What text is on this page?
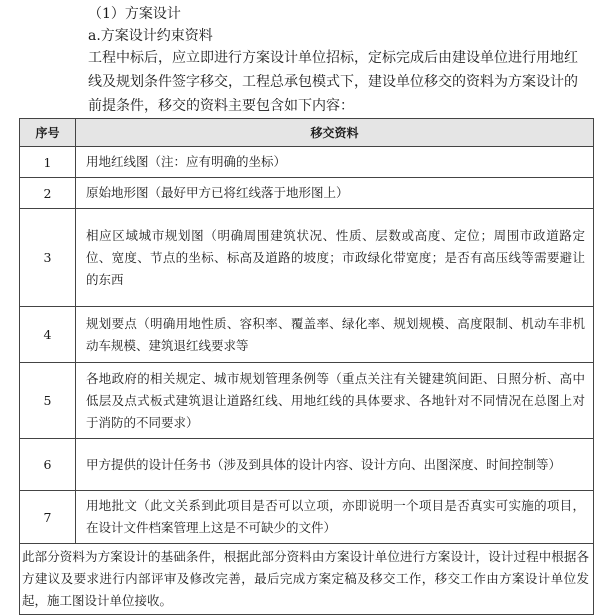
（1）方案设计
a.方案设计约束资料
工程中标后，应立即进行方案设计单位招标，定标完成后由建设单位进行用地红线及规划条件签字移交，工程总承包模式下，建设单位移交的资料为方案设计的前提条件，移交的资料主要包含如下内容：
序号	移交资料
1	用地红线图（注：应有明确的坐标）
2	原始地形图（最好甲方已将红线落于地形图上）
3	相应区域城市规划图（明确周围建筑状况、性质、层数或高度、定位；周围市政道路定位、宽度、节点的坐标、标高及道路的坡度；市政绿化带宽度；是否有高压线等需要避让的东西
4	规划要点（明确用地性质、容积率、覆盖率、绿化率、规划规模、高度限制、机动车非机动车规模、建筑退红线要求等
5	各地政府的相关规定、城市规划管理条例等（重点关注有关键建筑间距、日照分析、高中低层及点式板式建筑退让道路红线、用地红线的具体要求、各地针对不同情况在总图上对于消防的不同要求）
6	甲方提供的设计任务书（涉及到具体的设计内容、设计方向、出图深度、时间控制等）
7	用地批文（此文关系到此项目是否可以立项，亦即说明一个项目是否真实可实施的项目，在设计文件档案管理上这是不可缺少的文件）
此部分资料为方案设计的基础条件，根据此部分资料由方案设计单位进行方案设计，设计过程中根据各方建议及要求进行内部评审及修改完善，最后完成方案定稿及移交工作，移交工作由方案设计单位发起，施工图设计单位接收。	
